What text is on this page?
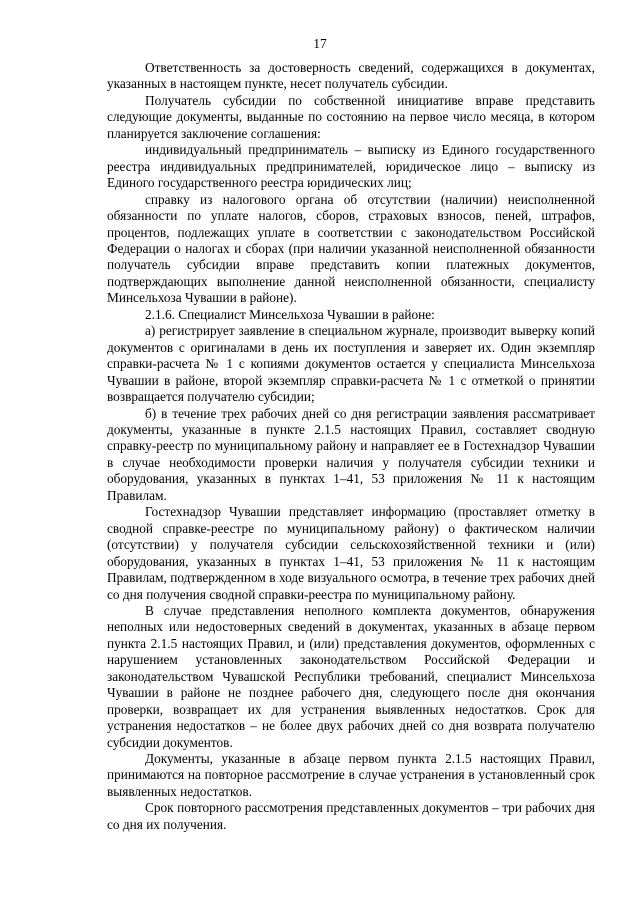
17

Ответственность за достоверность сведений, содержащихся в документах, указанных в настоящем пункте, несет получатель субсидии.

Получатель субсидии по собственной инициативе вправе представить следующие документы, выданные по состоянию на первое число месяца, в котором планируется заключение соглашения:

индивидуальный предприниматель – выписку из Единого государственного реестра индивидуальных предпринимателей, юридическое лицо – выписку из Единого государственного реестра юридических лиц;

справку из налогового органа об отсутствии (наличии) неисполненной обязанности по уплате налогов, сборов, страховых взносов, пеней, штрафов, процентов, подлежащих уплате в соответствии с законодательством Российской Федерации о налогах и сборах (при наличии указанной неисполненной обязанности получатель субсидии вправе представить копии платежных документов, подтверждающих выполнение данной неисполненной обязанности, специалисту Минсельхоза Чувашии в районе).

2.1.6. Специалист Минсельхоза Чувашии в районе:

а) регистрирует заявление в специальном журнале, производит выверку копий документов с оригиналами в день их поступления и заверяет их. Один экземпляр справки-расчета № 1 с копиями документов остается у специалиста Минсельхоза Чувашии в районе, второй экземпляр справки-расчета № 1 с отметкой о принятии возвращается получателю субсидии;

б) в течение трех рабочих дней со дня регистрации заявления рассматривает документы, указанные в пункте 2.1.5 настоящих Правил, составляет сводную справку-реестр по муниципальному району и направляет ее в Гостехнадзор Чувашии в случае необходимости проверки наличия у получателя субсидии техники и оборудования, указанных в пунктах 1–41, 53 приложения № 11 к настоящим Правилам.

Гостехнадзор Чувашии представляет информацию (проставляет отметку в сводной справке-реестре по муниципальному району) о фактическом наличии (отсутствии) у получателя субсидии сельскохозяйственной техники и (или) оборудования, указанных в пунктах 1–41, 53 приложения № 11 к настоящим Правилам, подтвержденном в ходе визуального осмотра, в течение трех рабочих дней со дня получения сводной справки-реестра по муниципальному району.

В случае представления неполного комплекта документов, обнаружения неполных или недостоверных сведений в документах, указанных в абзаце первом пункта 2.1.5 настоящих Правил, и (или) представления документов, оформленных с нарушением установленных законодательством Российской Федерации и законодательством Чувашской Республики требований, специалист Минсельхоза Чувашии в районе не позднее рабочего дня, следующего после дня окончания проверки, возвращает их для устранения выявленных недостатков. Срок для устранения недостатков – не более двух рабочих дней со дня возврата получателю субсидии документов.

Документы, указанные в абзаце первом пункта 2.1.5 настоящих Правил, принимаются на повторное рассмотрение в случае устранения в установленный срок выявленных недостатков.

Срок повторного рассмотрения представленных документов – три рабочих дня со дня их получения.
